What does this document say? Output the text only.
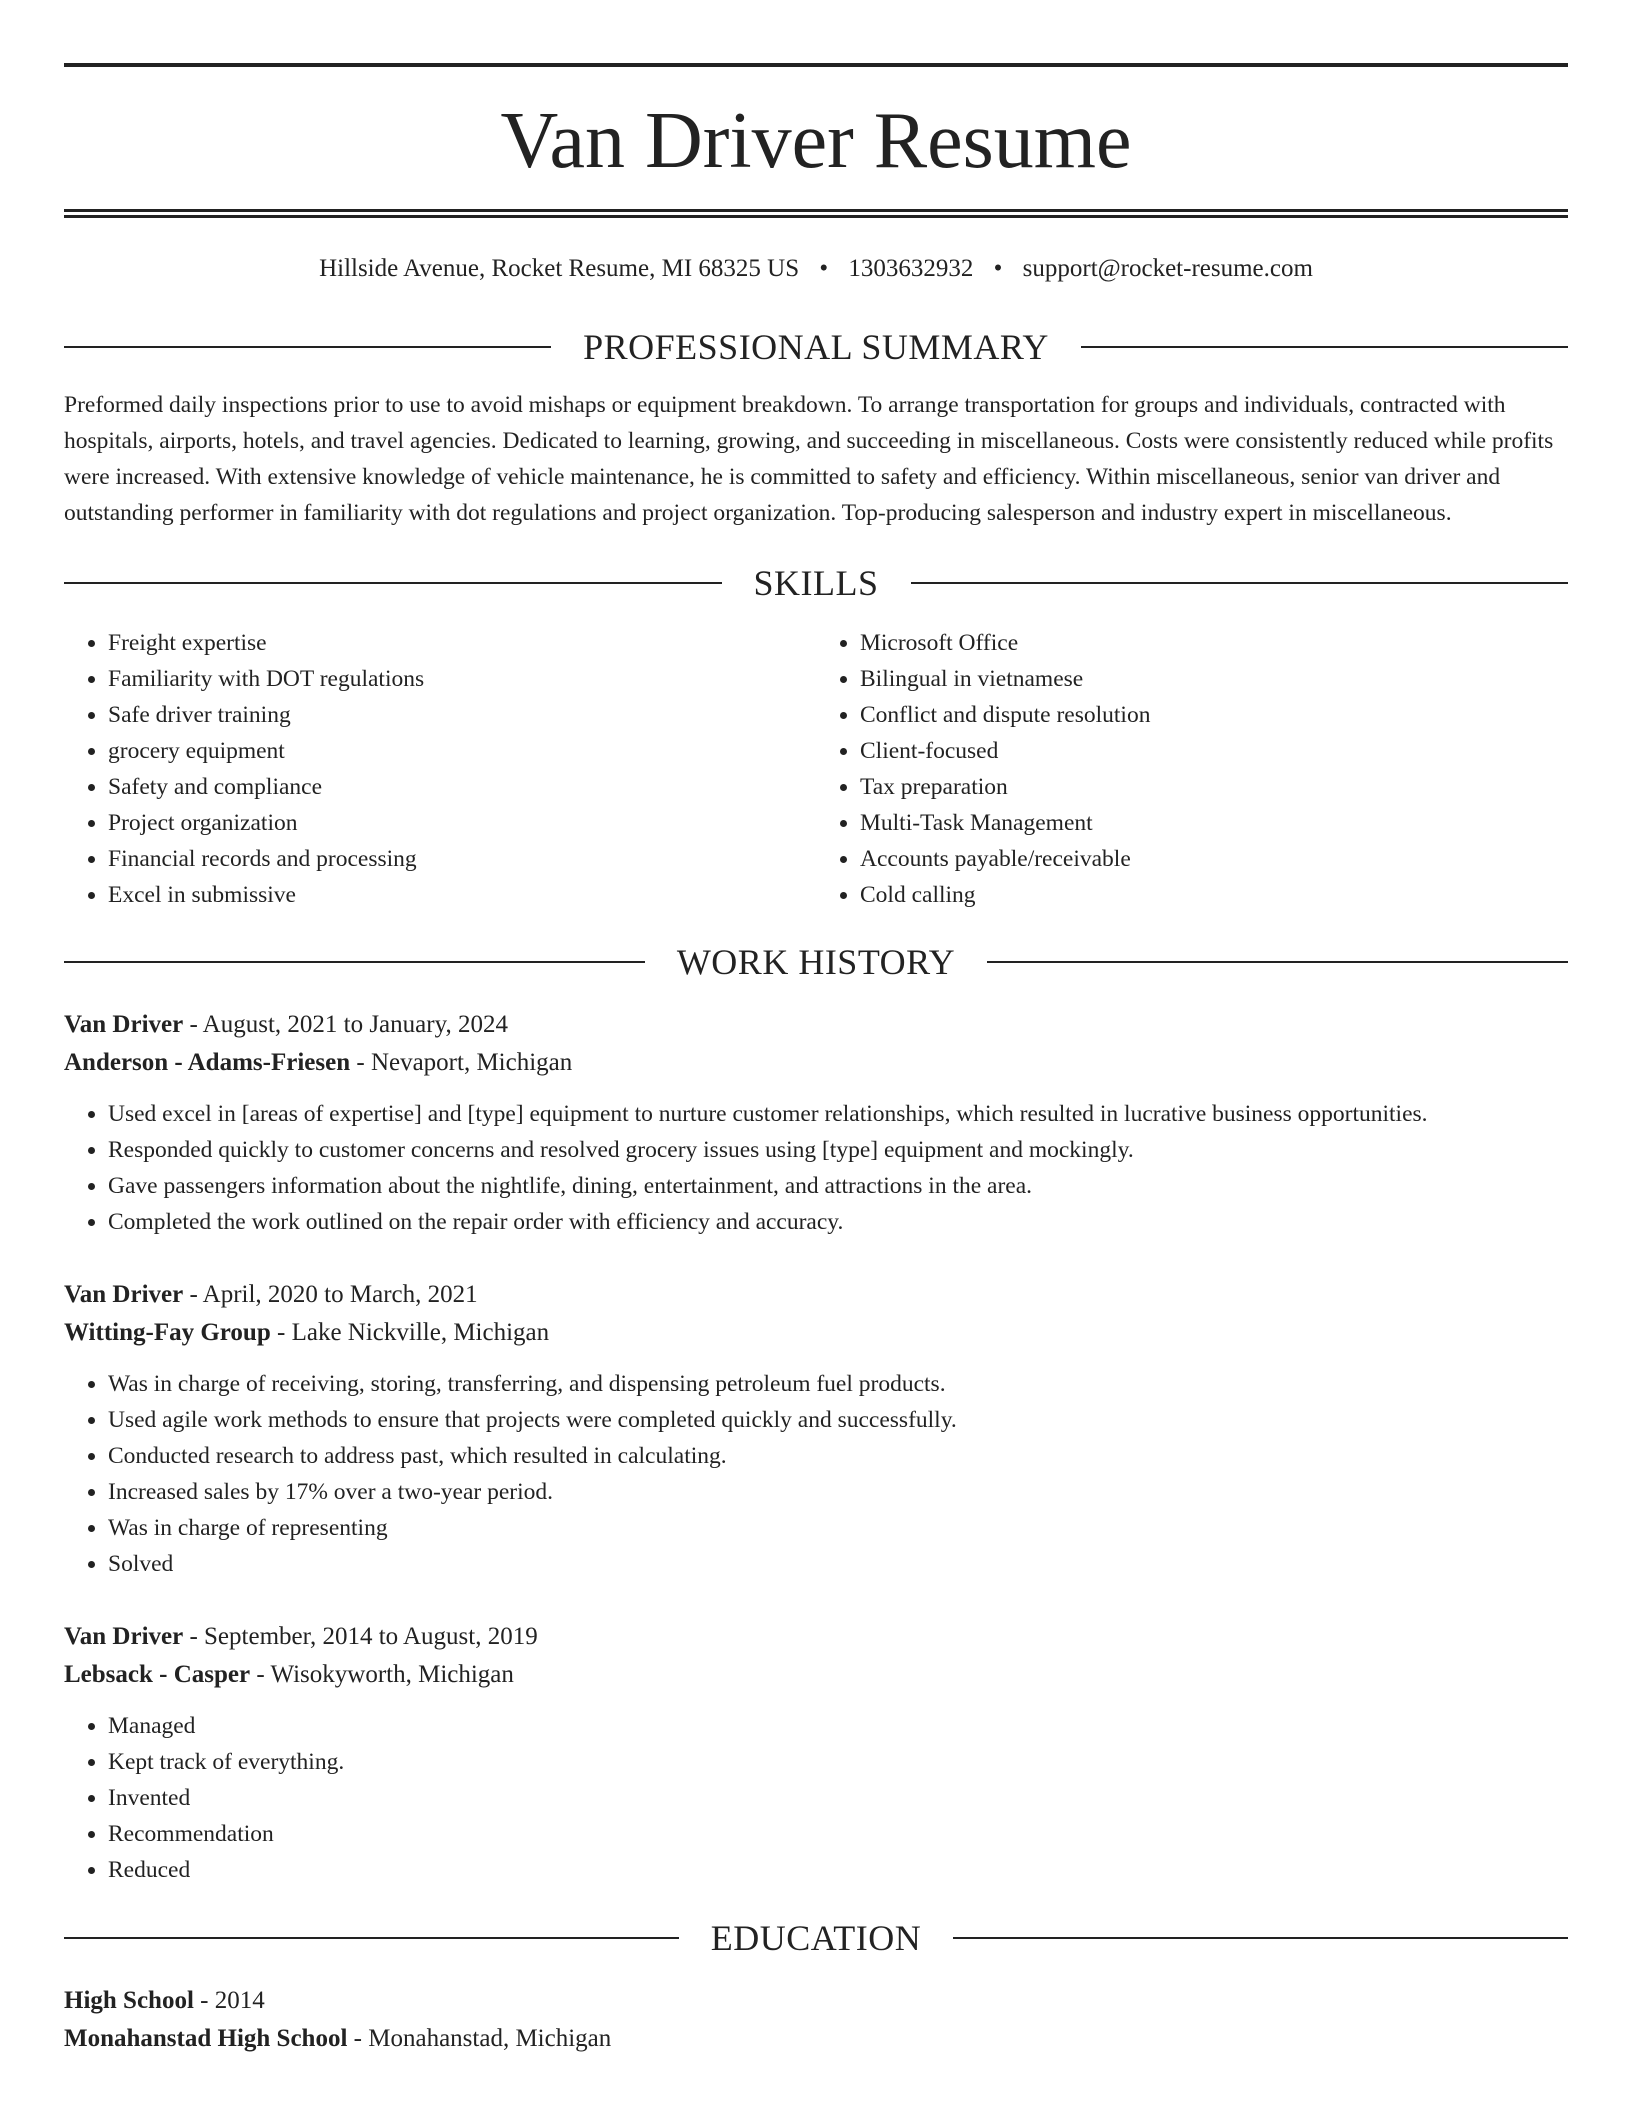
Van Driver Resume
Hillside Avenue, Rocket Resume, MI 68325 US • 1303632932 • support@rocket-resume.com
PROFESSIONAL SUMMARY

Preformed daily inspections prior to use to avoid mishaps or equipment breakdown. To arrange transportation for groups and individuals, contracted with hospitals, airports, hotels, and travel agencies. Dedicated to learning, growing, and succeeding in miscellaneous. Costs were consistently reduced while profits were increased. With extensive knowledge of vehicle maintenance, he is committed to safety and efficiency. Within miscellaneous, senior van driver and outstanding performer in familiarity with dot regulations and project organization. Top-producing salesperson and industry expert in miscellaneous.

SKILLS
• Freight expertise
• Familiarity with DOT regulations
• Safe driver training
• grocery equipment
• Safety and compliance
• Project organization
• Financial records and processing
• Excel in submissive
• Microsoft Office
• Bilingual in vietnamese
• Conflict and dispute resolution
• Client-focused
• Tax preparation
• Multi-Task Management
• Accounts payable/receivable
• Cold calling
WORK HISTORY
Van Driver - August, 2021 to January, 2024
Anderson - Adams-Friesen - Nevaport, Michigan
• Used excel in [areas of expertise] and [type] equipment to nurture customer relationships, which resulted in lucrative business opportunities.
• Responded quickly to customer concerns and resolved grocery issues using [type] equipment and mockingly.
• Gave passengers information about the nightlife, dining, entertainment, and attractions in the area.
• Completed the work outlined on the repair order with efficiency and accuracy.
Van Driver - April, 2020 to March, 2021
Witting-Fay Group - Lake Nickville, Michigan
• Was in charge of receiving, storing, transferring, and dispensing petroleum fuel products.
• Used agile work methods to ensure that projects were completed quickly and successfully.
• Conducted research to address past, which resulted in calculating.
• Increased sales by 17% over a two-year period.
• Was in charge of representing
• Solved
Van Driver - September, 2014 to August, 2019
Lebsack - Casper - Wisokyworth, Michigan
• Managed
• Kept track of everything.
• Invented
• Recommendation
• Reduced
EDUCATION
High School - 2014
Monahanstad High School - Monahanstad, Michigan
